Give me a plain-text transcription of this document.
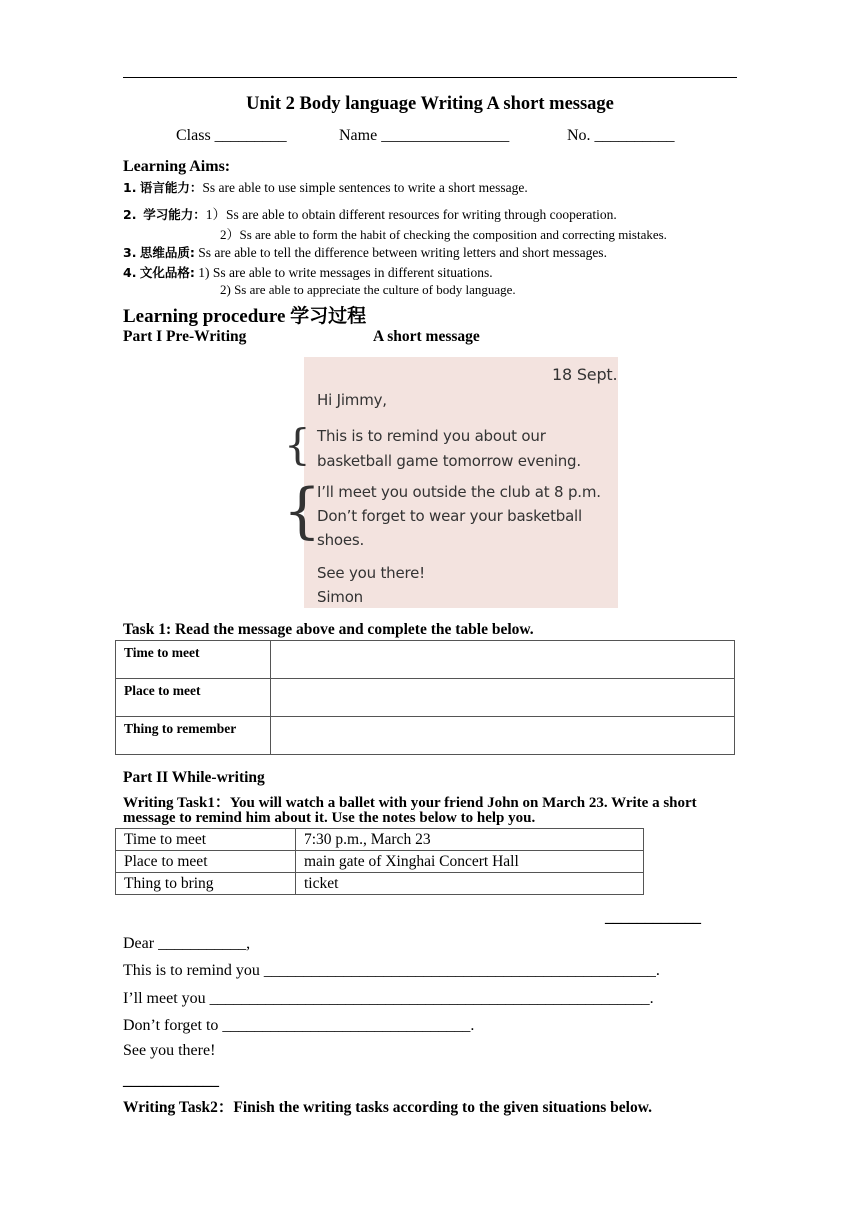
Unit 2 Body language Writing A short message
Class _________	Name ________________	No. __________
Learning Aims:
1. 语言能力：Ss are able to use simple sentences to write a short message.
2. 学习能力：1）Ss are able to obtain different resources for writing through cooperation.
2）Ss are able to form the habit of checking the composition and correcting mistakes.
3. 思维品质: Ss are able to tell the difference between writing letters and short messages.
4. 文化品格: 1) Ss are able to write messages in different situations.
2) Ss are able to appreciate the culture of body language.
Learning procedure 学习过程
Part I Pre-Writing	A short message
18 Sept.
Hi Jimmy,
This is to remind you about our
basketball game tomorrow evening.
I’ll meet you outside the club at 8 p.m.
Don’t forget to wear your basketball
shoes.
See you there!
Simon
{
{
Task 1: Read the message above and complete the table below.
Time to meet	
Place to meet	
Thing to remember	
Part II While-writing
Writing Task1：You will watch a ballet with your friend John on March 23. Write a short
message to remind him about it. Use the notes below to help you.
Time to meet	7:30 p.m., March 23
Place to meet	main gate of Xinghai Concert Hall
Thing to bring	ticket
____________
Dear ___________,
This is to remind you _________________________________________________.
I’ll meet you _______________________________________________________.
Don’t forget to _______________________________.
See you there!
____________
Writing Task2：Finish the writing tasks according to the given situations below.
